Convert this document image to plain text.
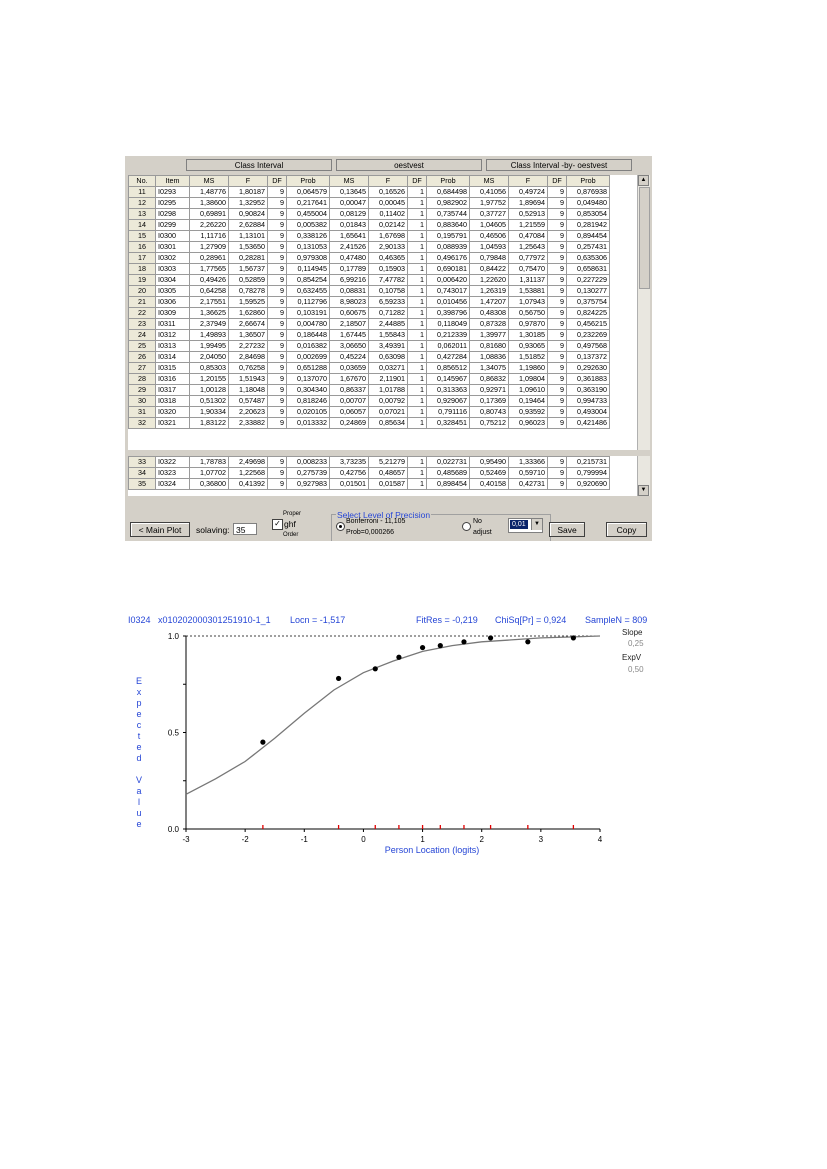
Class Interval	oestvest	Class Interval -by- oestvest
No.	Item	MS	F	DF	Prob	MS	F	DF	Prob	MS	F	DF	Prob
11	I0293	1,48776	1,80187	9	0,064579	0,13645	0,16526	1	0,684498	0,41056	0,49724	9	0,876938
12	I0295	1,38600	1,32952	9	0,217641	0,00047	0,00045	1	0,982902	1,97752	1,89694	9	0,049480
13	I0298	0,69891	0,90824	9	0,455004	0,08129	0,11402	1	0,735744	0,37727	0,52913	9	0,853054
14	I0299	2,26220	2,62884	9	0,005382	0,01843	0,02142	1	0,883640	1,04605	1,21559	9	0,281942
15	I0300	1,11716	1,13101	9	0,338126	1,65641	1,67698	1	0,195791	0,46506	0,47084	9	0,894454
16	I0301	1,27909	1,53650	9	0,131053	2,41526	2,90133	1	0,088939	1,04593	1,25643	9	0,257431
17	I0302	0,28961	0,28281	9	0,979308	0,47480	0,46365	1	0,496176	0,79848	0,77972	9	0,635306
18	I0303	1,77565	1,56737	9	0,114945	0,17789	0,15903	1	0,690181	0,84422	0,75470	9	0,658631
19	I0304	0,49426	0,52859	9	0,854254	6,99216	7,47782	1	0,006420	1,22620	1,31137	9	0,227229
20	I0305	0,64258	0,78278	9	0,632455	0,08831	0,10758	1	0,743017	1,26319	1,53881	9	0,130277
21	I0306	2,17551	1,59525	9	0,112796	8,98023	6,59233	1	0,010456	1,47207	1,07943	9	0,375754
22	I0309	1,36625	1,62860	9	0,103191	0,60675	0,71282	1	0,398796	0,48308	0,56750	9	0,824225
23	I0311	2,37949	2,66674	9	0,004780	2,18507	2,44885	1	0,118049	0,87328	0,97870	9	0,456215
24	I0312	1,49893	1,36507	9	0,186448	1,67445	1,55843	1	0,212339	1,39977	1,30185	9	0,232269
25	I0313	1,99495	2,27232	9	0,016382	3,06650	3,49391	1	0,062011	0,81680	0,93065	9	0,497568
26	I0314	2,04050	2,84698	9	0,002699	0,45224	0,63098	1	0,427284	1,08836	1,51852	9	0,137372
27	I0315	0,85303	0,76258	9	0,651288	0,03659	0,03271	1	0,856512	1,34075	1,19860	9	0,292630
28	I0316	1,20155	1,51943	9	0,137070	1,67670	2,11901	1	0,145967	0,86832	1,09804	9	0,361883
29	I0317	1,00128	1,18048	9	0,304340	0,86337	1,01788	1	0,313363	0,92971	1,09610	9	0,363190
30	I0318	0,51302	0,57487	9	0,818246	0,00707	0,00792	1	0,929067	0,17369	0,19464	9	0,994733
31	I0320	1,90334	2,20623	9	0,020105	0,06057	0,07021	1	0,791116	0,80743	0,93592	9	0,493004
32	I0321	1,83122	2,33882	9	0,013332	0,24869	0,85634	1	0,328451	0,75212	0,96023	9	0,421486
▲
33	I0322	1,78783	2,49698	9	0,008233	3,73235	5,21279	1	0,022731	0,95490	1,33366	9	0,215731
34	I0323	1,07702	1,22568	9	0,275739	0,42756	0,48657	1	0,485689	0,52469	0,59710	9	0,799994
35	I0324	0,36800	0,41392	9	0,927983	0,01501	0,01587	1	0,898454	0,40158	0,42731	9	0,920690
▼
< Main Plot	solaving: 35
Proper
✓ ghf
Order
Select Level of Precision
Bonferroni - 11,105
Prob=0,000266
No
adjust
0,01	▼
Save	Copy
I0324 x010202000301251910-1_1 Locn = -1,517	FitRes = -0,219 ChiSq[Pr] = 0,924 SampleN = 809
Slope
0,25
ExpV
0,50
E
x
p
e
c
t
e
d
V
a
l
u
e
Person Location (logits)
0.0
0.5
1.0
-3	-2	-1	0	1	2	3	4
